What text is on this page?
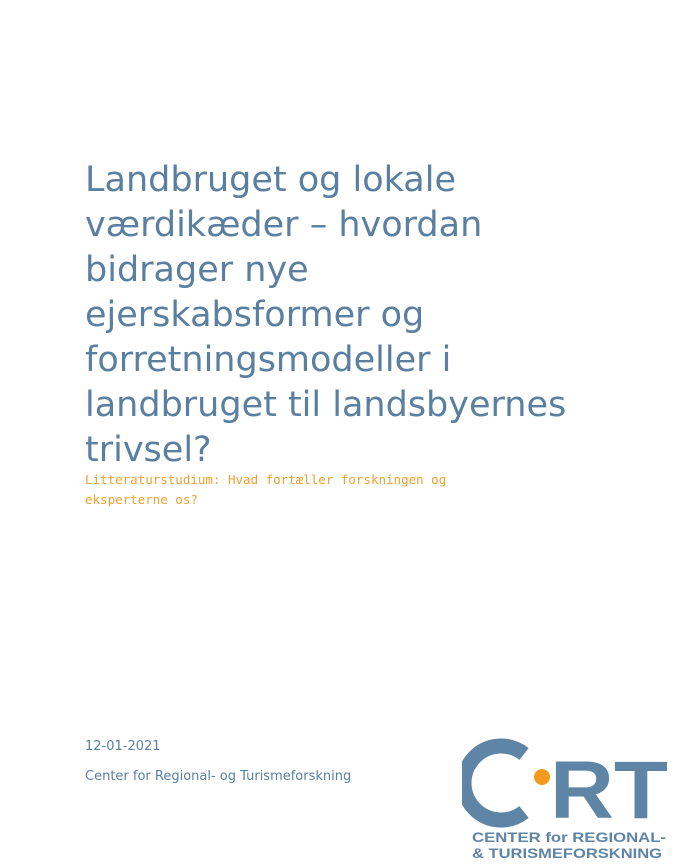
Landbruget og lokale
værdikæder – hvordan
bidrager nye
ejerskabsformer og
forretningsmodeller i
landbruget til landsbyernes
trivsel?

Litteraturstudium: Hvad fortæller forskningen og
eksperterne os?

12-01-2021

Center for Regional- og Turismeforskning RT
CENTER for REGIONAL-
& TURISMEFORSKNING
